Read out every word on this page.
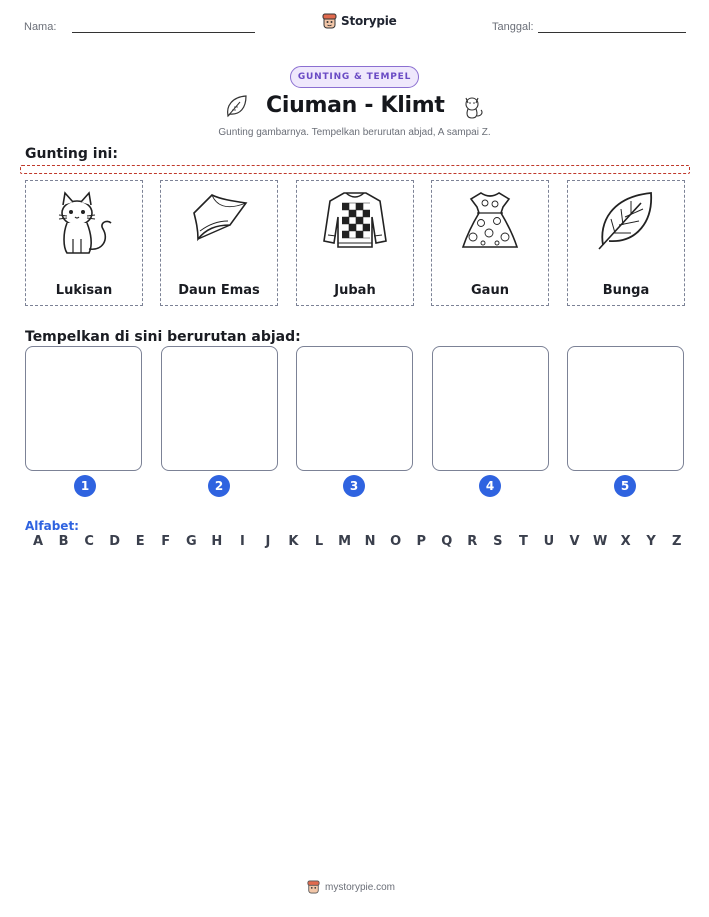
Nama:	Storypie	Tanggal:
GUNTING & TEMPEL
Ciuman - Klimt
Gunting gambarnya. Tempelkan berurutan abjad, A sampai Z.
Gunting ini:
Lukisan	Daun Emas	Jubah	Gaun	Bunga
Tempelkan di sini berurutan abjad:
1	2	3	4	5
Alfabet:
A B C D E F G H	I	J	K L M N O P Q R S T U V W X Y Z
mystorypie.com
